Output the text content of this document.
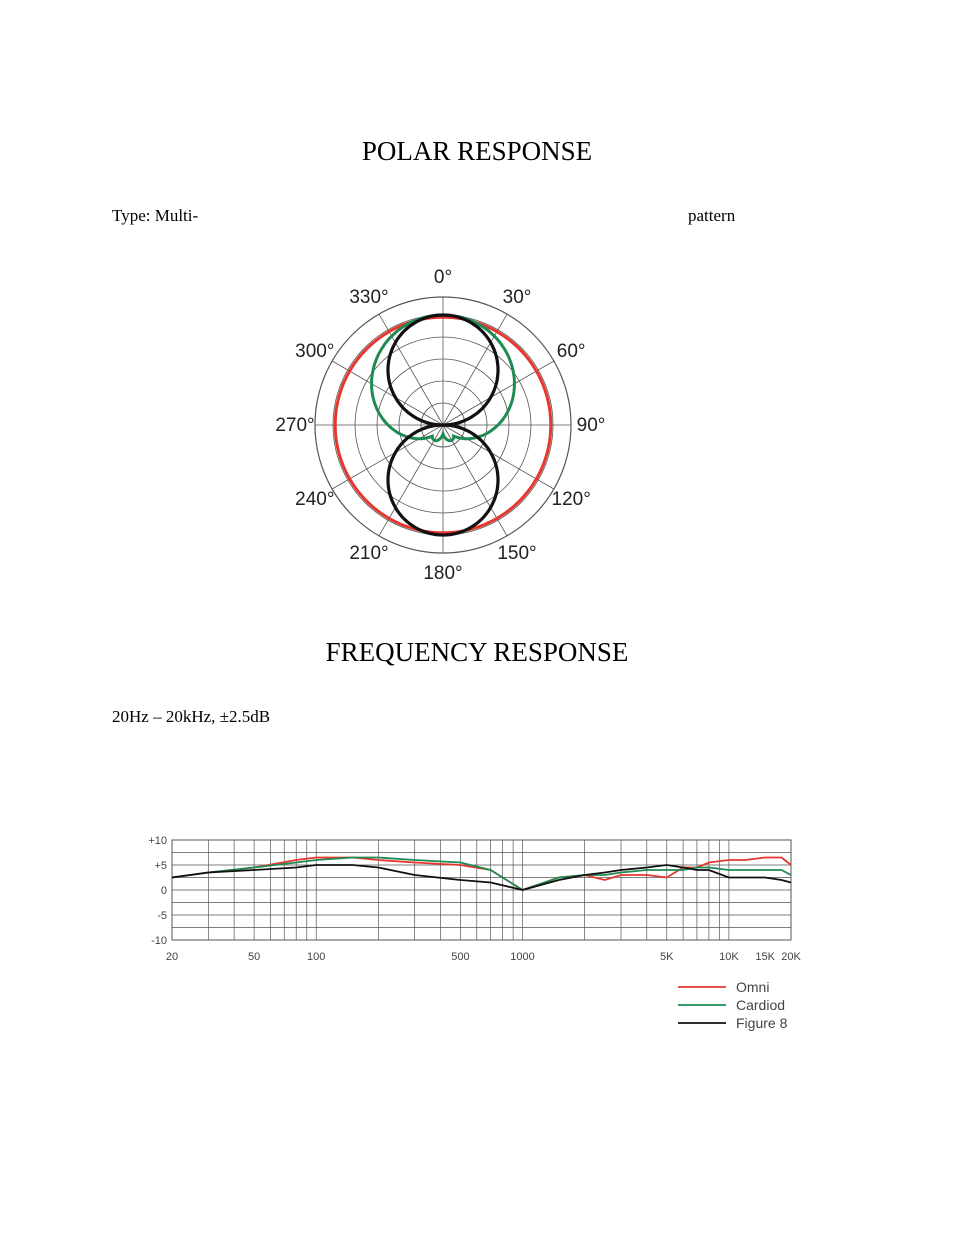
POLAR RESPONSE
Type: Multi-	pattern
0°
30°
60°
90°
120°
150°
180°
210°
240°
270°
300°
330°
FREQUENCY RESPONSE
20Hz – 20kHz, ±2.5dB
+10
+5
0
-5
-10
20	50	100	500	1000	5K	10K 15K 20K
Omni
Cardiod
Figure 8
